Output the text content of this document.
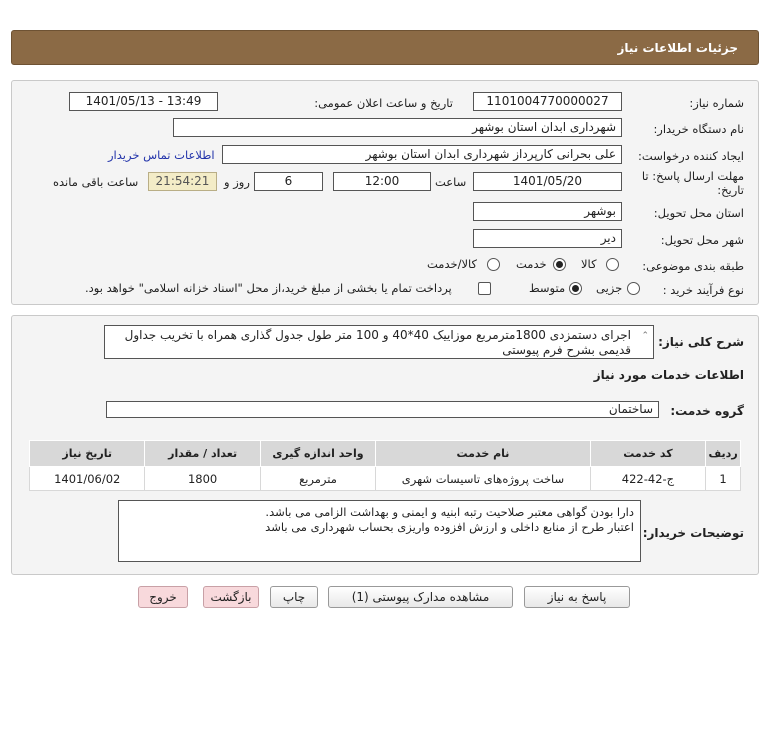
جزئیات اطلاعات نیاز
شماره نیاز:
1101004770000027
تاریخ و ساعت اعلان عمومی:
1401/05/13 - 13:49
نام دستگاه خریدار:
شهرداری ابدان استان بوشهر
ایجاد کننده درخواست:
علی بحرانی کارپرداز شهرداری ابدان استان بوشهر
اطلاعات تماس خریدار
مهلت ارسال پاسخ: تا
تاریخ:
1401/05/20
ساعت
12:00
6
روز و
21:54:21
ساعت باقی مانده
استان محل تحویل:
بوشهر
شهر محل تحویل:
دیر
طبقه بندی موضوعی:
کالا
خدمت
کالا/خدمت
نوع فرآیند خرید :
جزیی
متوسط
پرداخت تمام یا بخشی از مبلغ خرید،از محل "اسناد خزانه اسلامی" خواهد بود.
شرح کلی نیاز:
⌃
اجرای دستمزدی 1800مترمربع موزاییک 40*40 و 100 متر طول جدول گذاری همراه با تخریب جداول قدیمی بشرح فرم پیوستی
اطلاعات خدمات مورد نیاز
گروه خدمت:
ساختمان
ردیف	کد خدمت	نام خدمت	واحد اندازه گیری	تعداد / مقدار	تاریخ نیاز
1	ج-42-422	ساخت پروژه‌های تاسیسات شهری	مترمربع	1800	1401/06/02
توضیحات خریدار:
دارا بودن گواهی معتبر صلاحیت رتبه ابنیه و ایمنی و بهداشت الزامی می باشد.
اعتبار طرح از منابع داخلی و ارزش افزوده واریزی بحساب شهرداری می باشد
پاسخ به نیاز
مشاهده مدارک پیوستی (1)
چاپ
بازگشت
خروج
